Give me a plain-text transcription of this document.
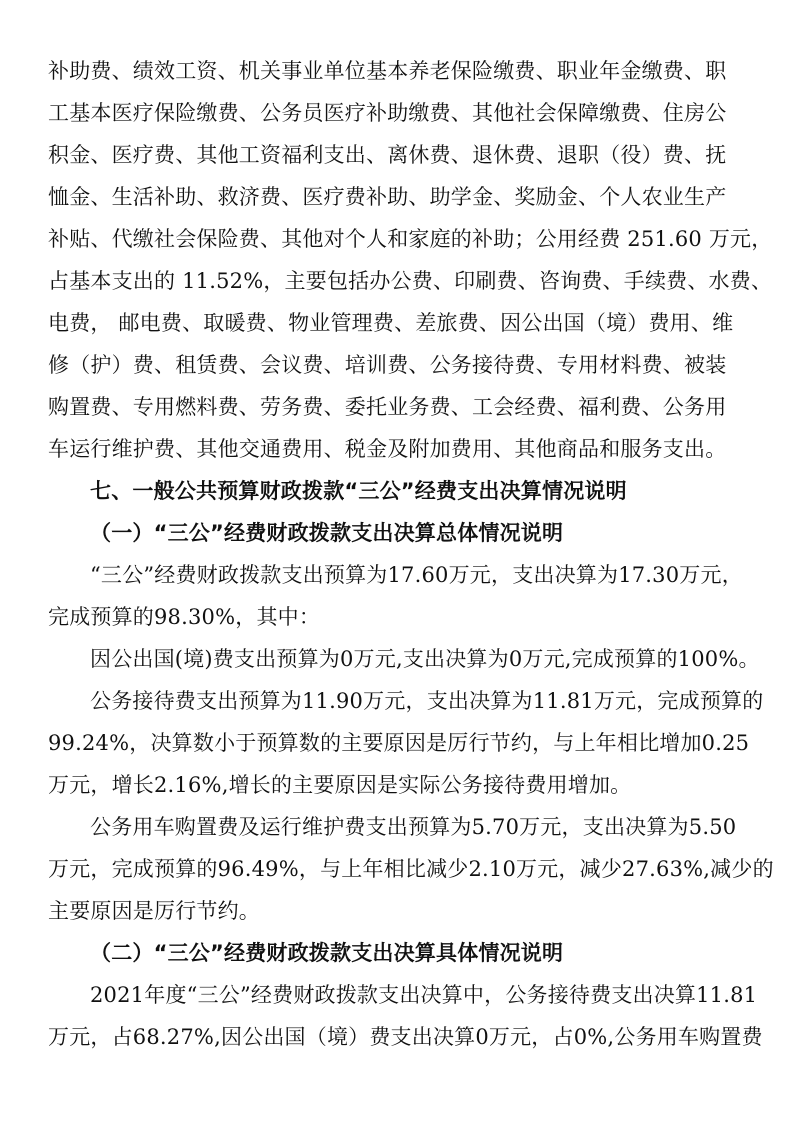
补助费、绩效工资、机关事业单位基本养老保险缴费、职业年金缴费、职
工基本医疗保险缴费、公务员医疗补助缴费、其他社会保障缴费、住房公
积金、医疗费、其他工资福利支出、离休费、退休费、退职（役）费、抚
恤金、生活补助、救济费、医疗费补助、助学金、奖励金、个人农业生产
补贴、代缴社会保险费、其他对个人和家庭的补助；公用经费 251.60 万元，
占基本支出的 11.52%，主要包括办公费、印刷费、咨询费、手续费、水费、
电费， 邮电费、取暖费、物业管理费、差旅费、因公出国（境）费用、维
修（护）费、租赁费、会议费、培训费、公务接待费、专用材料费、被装
购置费、专用燃料费、劳务费、委托业务费、工会经费、福利费、公务用
车运行维护费、其他交通费用、税金及附加费用、其他商品和服务支出。
七、一般公共预算财政拨款“三公”经费支出决算情况说明
（一）“三公”经费财政拨款支出决算总体情况说明
“三公”经费财政拨款支出预算为17.60万元，支出决算为17.30万元，
完成预算的98.30%，其中：
因公出国(境)费支出预算为0万元,支出决算为0万元,完成预算的100%。
公务接待费支出预算为11.90万元，支出决算为11.81万元，完成预算的
99.24%，决算数小于预算数的主要原因是厉行节约，与上年相比增加0.25
万元，增长2.16%,增长的主要原因是实际公务接待费用增加。
公务用车购置费及运行维护费支出预算为5.70万元，支出决算为5.50
万元，完成预算的96.49%，与上年相比减少2.10万元，减少27.63%,减少的
主要原因是厉行节约。
（二）“三公”经费财政拨款支出决算具体情况说明
2021年度“三公”经费财政拨款支出决算中，公务接待费支出决算11.81
万元，占68.27%,因公出国（境）费支出决算0万元，占0%,公务用车购置费
